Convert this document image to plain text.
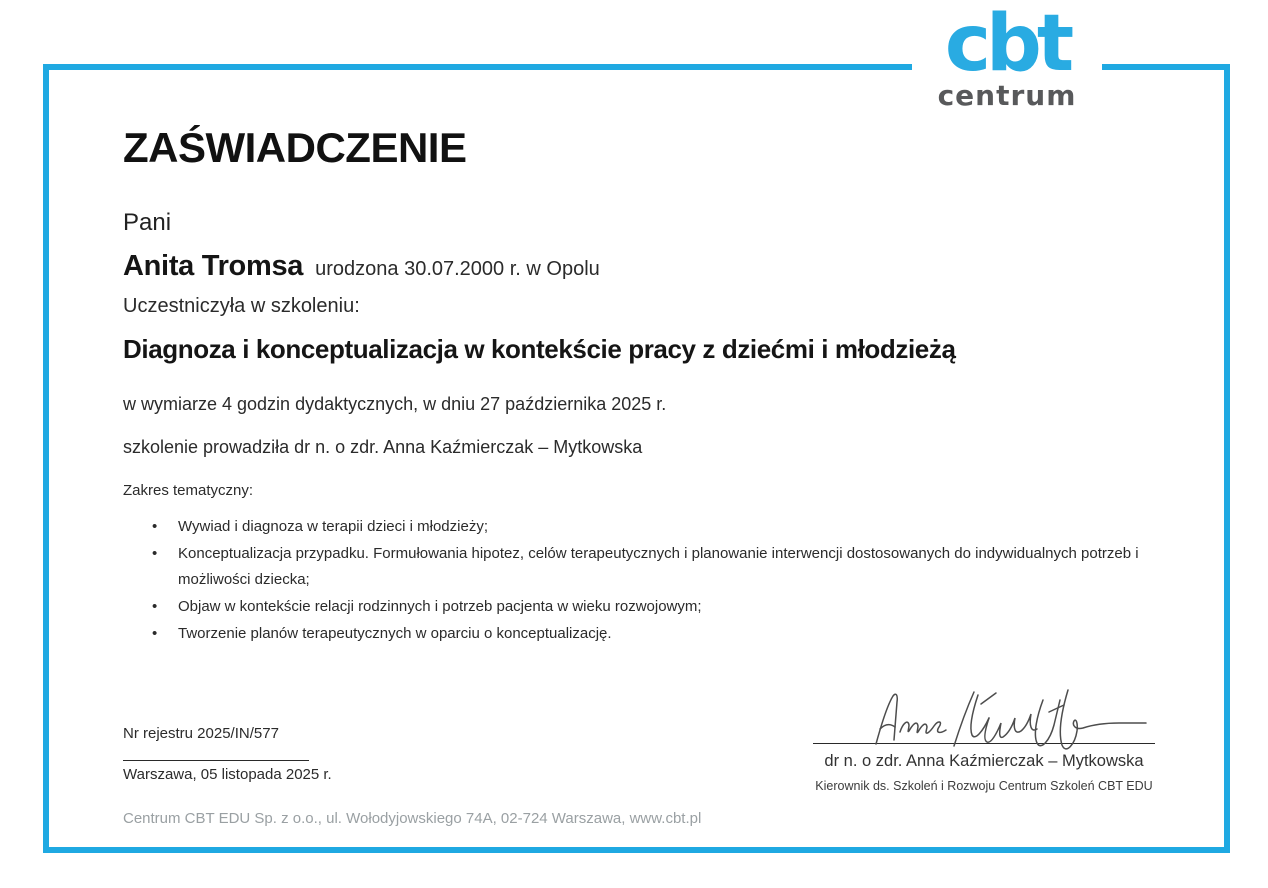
cbt
centrum
ZAŚWIADCZENIE
Pani
Anita Tromsa urodzona 30.07.2000 r. w Opolu
Uczestniczyła w szkoleniu:
Diagnoza i konceptualizacja w kontekście pracy z dziećmi i młodzieżą
w wymiarze 4 godzin dydaktycznych, w dniu 27 października 2025 r.
szkolenie prowadziła dr n. o zdr. Anna Kaźmierczak – Mytkowska
Zakres tematyczny:
• Wywiad i diagnoza w terapii dzieci i młodzieży;
• Konceptualizacja przypadku. Formułowania hipotez, celów terapeutycznych i planowanie interwencji dostosowanych do indywidualnych potrzeb i możliwości dziecka;
• Objaw w kontekście relacji rodzinnych i potrzeb pacjenta w wieku rozwojowym;
• Tworzenie planów terapeutycznych w oparciu o konceptualizację.
Nr rejestru 2025/IN/577
Warszawa, 05 listopada 2025 r.
dr n. o zdr. Anna Kaźmierczak – Mytkowska
Kierownik ds. Szkoleń i Rozwoju Centrum Szkoleń CBT EDU
Centrum CBT EDU Sp. z o.o., ul. Wołodyjowskiego 74A, 02-724 Warszawa, www.cbt.pl
